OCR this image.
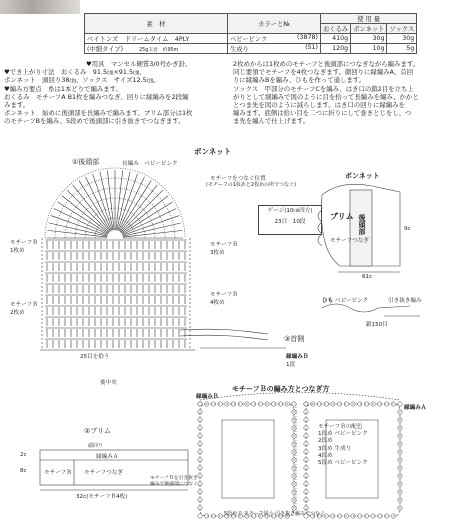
素　材	カラーと№	使 用 量		
		おくるみ	ボンネット	ソックス
ベイトンズ　ドリームタイム　4PLY	ベビーピンク (3878)	410g	30g	30g
(中細タイプ) 25g玉巻　約95m	生成り (51)	120g	10g	5g
♥用具　マンセル硬質3/0号かぎ針。
♥でき上がり寸法　おくるみ　91.5㎝×91.5㎝、
ボンネット　頭回り38㎝、ソックス　サイズ12.5㎝。
♥編み方要点　糸は1本どりで編みます。
おくるみ　モチーフA B1枚を編みつなぎ、回りに縁編みを2段編
みます。
ボンネット　始めに後頭部を長編みで編みます。ブリム部分は1枚
のモチーフBを編み、5段めで後頭部に引き抜きでつなぎます。
2枚めからは1枚めのモチーフと後頭部につなぎながら編みます。
同じ要領でモチーフを4枚つなぎます。顔回りに縁編みA、首回
りに縁編みBを編み、ひもを作って通します。
ソックス　甲部分のモチーフCを編み、はき口の鎖2目を立ち上
がりとして細編みで図のように目を拾って長編みを編み、かかと
とつま先を図のように減らします。はき口の回りに縁編みを
編みます。底側は拾い目を二つに折りにして巻きとじをし、つ
ま先を編んで仕上げます。
ボンネット
①後頭部	長編み　ベビーピンク
モチーフをつなぐ位置
(モチーフの1枚めと2枚めの所でつなぐ)
モチーフＢ
1枚め
モチーフＢ
2枚め
モチーフＢ
3枚め
モチーフＢ
4枚め
25目を拾う
後中央
ゲージ(10㎝四方)
23目　 10段
ボンネット
ブリム
モチーフつなぎ
後頭部	9c
61c
ひも ベビーピンク	引き抜き編み
鎖150目
③首側
縁編みＢ
1段
モチーフＢの編み方とつなぎ方
縁編みＢ
縁編みＡ
モチーフＢの配色
1段め ベビーピンク
2段め
3段め 生成り
4段め
5段め ベビーピンク
5段めで モチーフ同士 引き抜き編みでつなぐ
②ブリム
縁編みＡ
頭回り
モチーフＢ モチーフつなぎ
2c
8c
32c(モチーフＢ4枚)
モチーフＢを引き抜き編みで後頭部につなぐ
